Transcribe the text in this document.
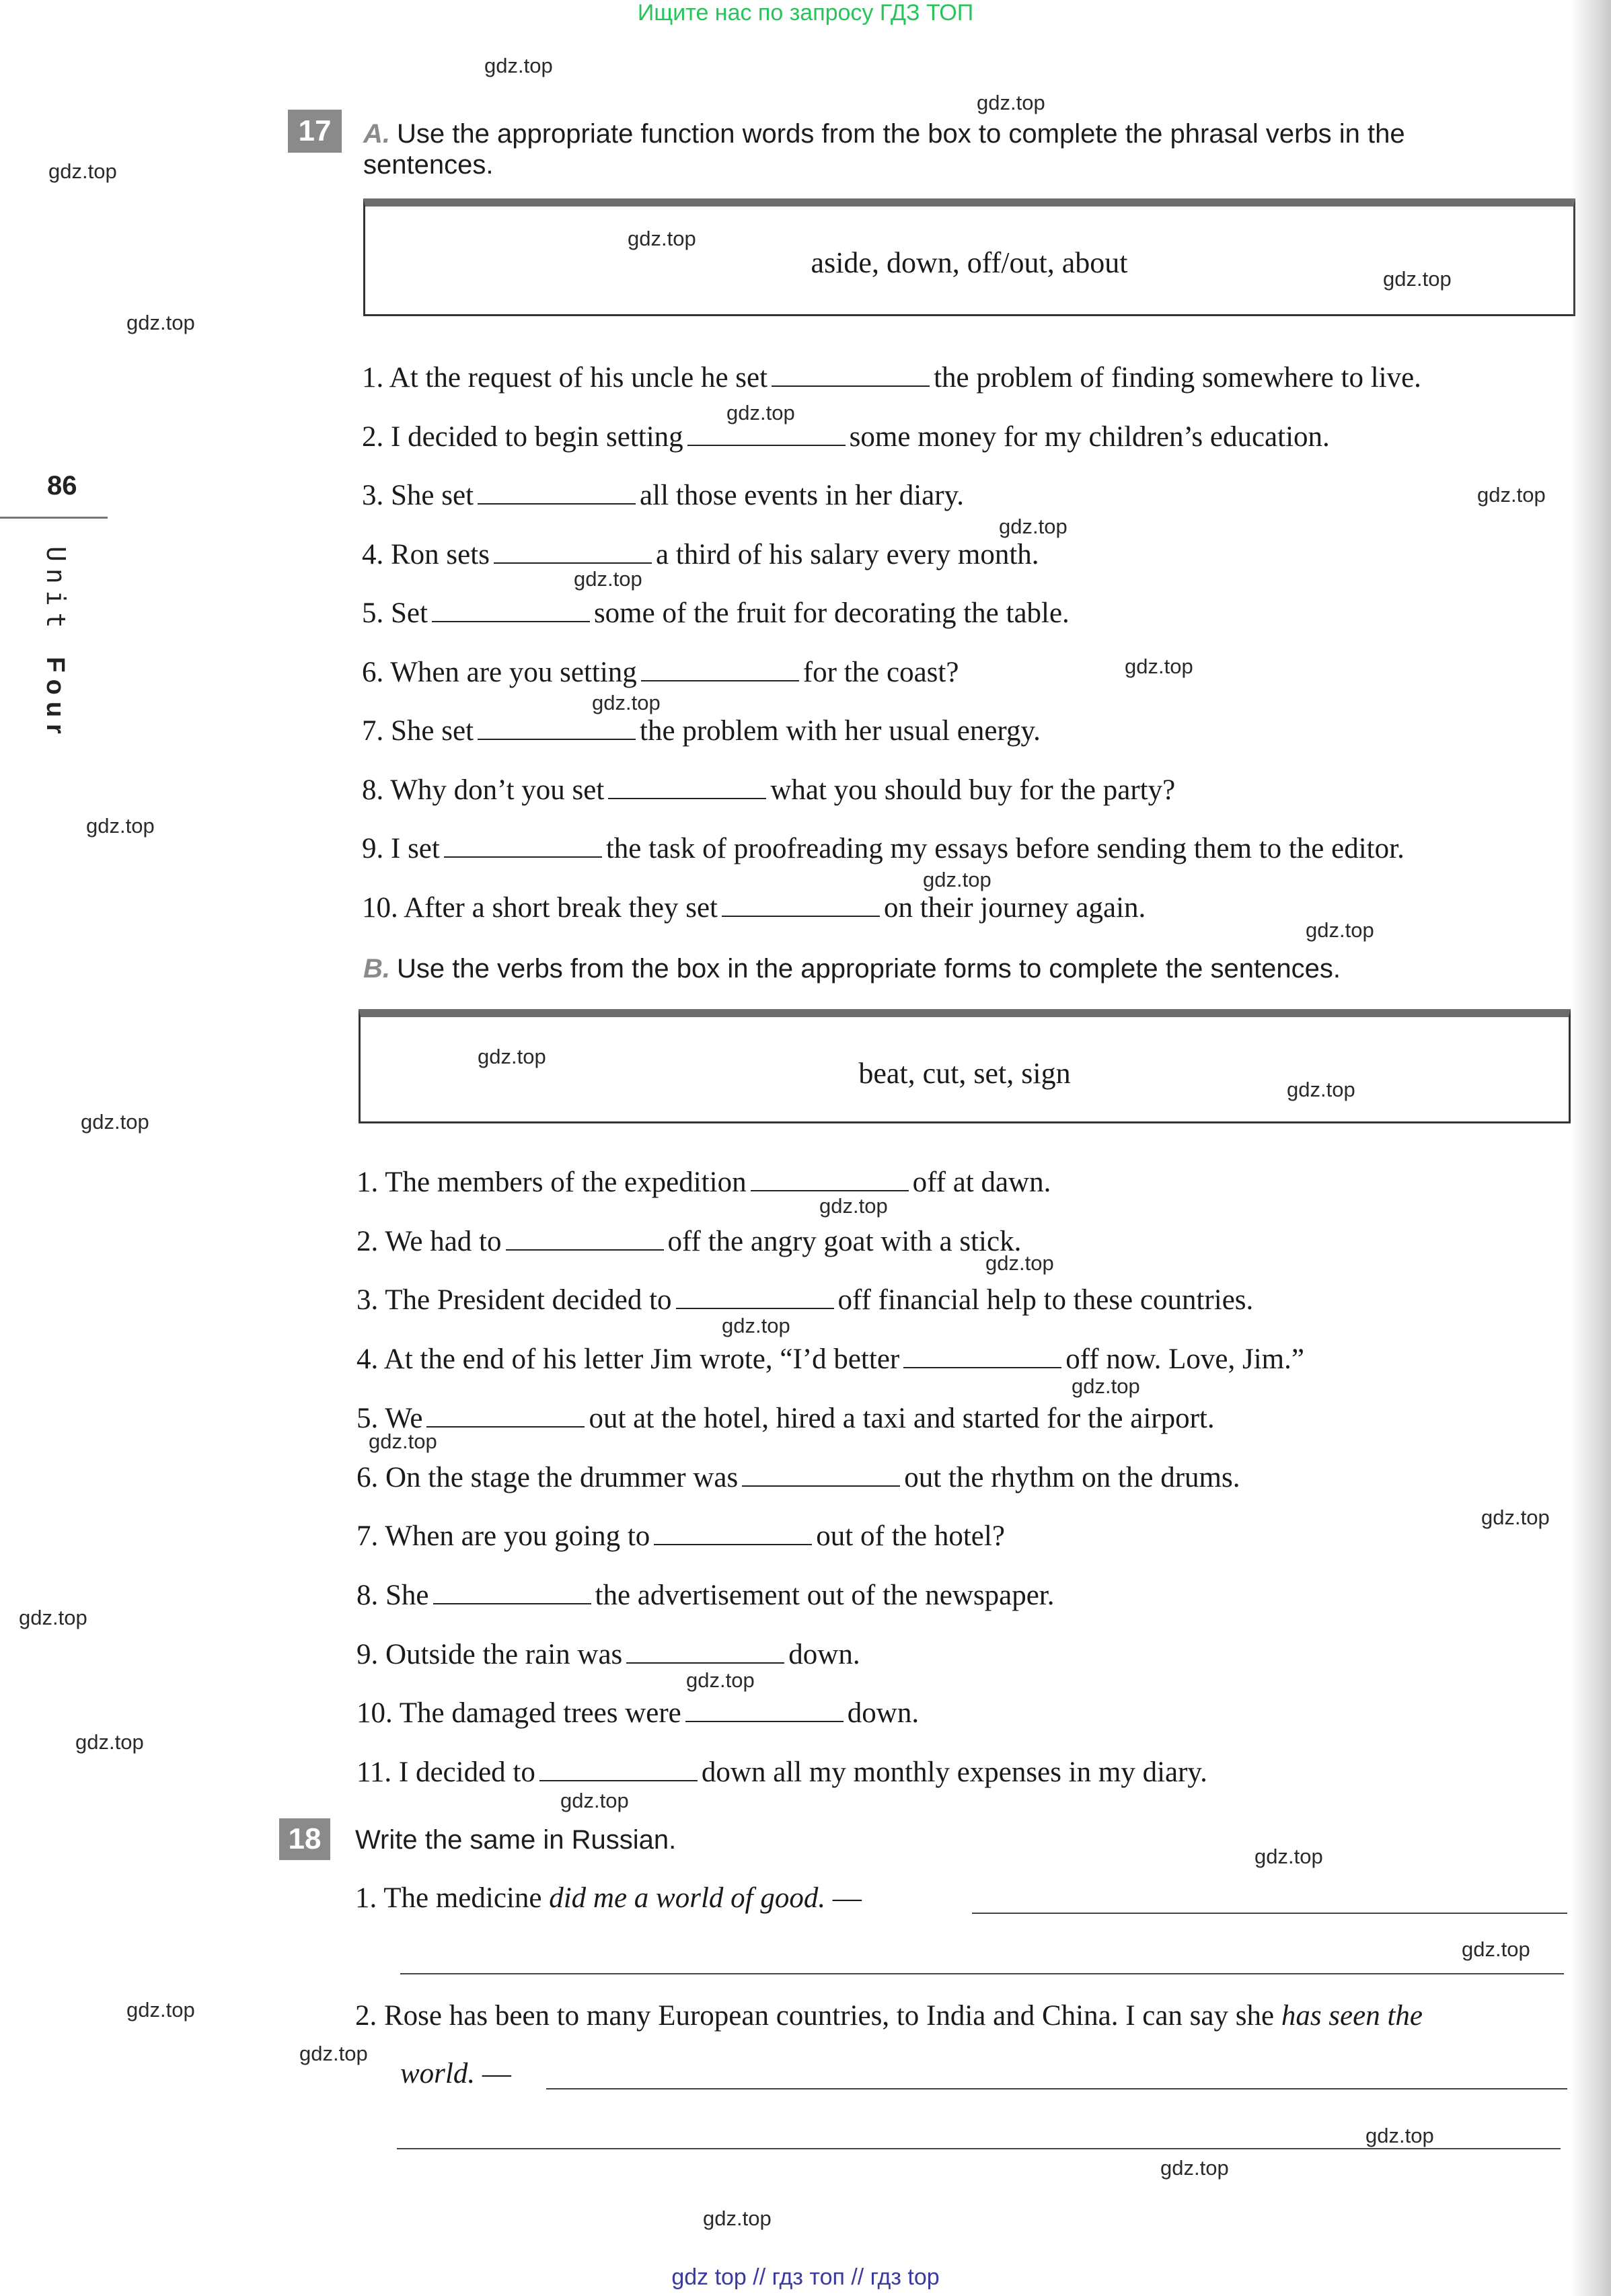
Ищите нас по запросу ГДЗ ТОП
86
Unit Four
17	A. Use the appropriate function words from the box to complete the phrasal verbs in the
sentences.
aside, down, off/out, about
1. At the request of his uncle he set	the problem of finding somewhere to live.
2. I decided to begin setting	some money for my children’s education.
3. She set	all those events in her diary.
4. Ron sets	a third of his salary every month.
5. Set	some of the fruit for decorating the table.
6. When are you setting	for the coast?
7. She set	the problem with her usual energy.
8. Why don’t you set	what you should buy for the party?
9. I set	the task of proofreading my essays before sending them to the editor.
10. After a short break they set	on their journey again.
B. Use the verbs from the box in the appropriate forms to complete the sentences.
beat, cut, set, sign
1. The members of the expedition	off at dawn.
2. We had to	off the angry goat with a stick.
3. The President decided to	off financial help to these countries.
4. At the end of his letter Jim wrote, “I’d better	off now. Love, Jim.”
5. We	out at the hotel, hired a taxi and started for the airport.
6. On the stage the drummer was	out the rhythm on the drums.
7. When are you going to	out of the hotel?
8. She	the advertisement out of the newspaper.
9. Outside the rain was	down.
10. The damaged trees were	down.
11. I decided to	down all my monthly expenses in my diary.
18	Write the same in Russian.
1. The medicine did me a world of good. —
2. Rose has been to many European countries, to India and China. I can say she has seen the
world. —
gdz.top
gdz.top
gdz.top
gdz.top
gdz.top
gdz.top
gdz.top
gdz.top
gdz.top
gdz.top
gdz.top
gdz.top
gdz.top
gdz.top
gdz.top
gdz.top
gdz.top
gdz.top
gdz.top
gdz.top
gdz.top
gdz.top
gdz.top
gdz.top
gdz.top
gdz.top
gdz.top
gdz.top
gdz.top
gdz.top
gdz.top
gdz.top
gdz.top
gdz.top
gdz.top
gdz top // гдз топ // гдз top
